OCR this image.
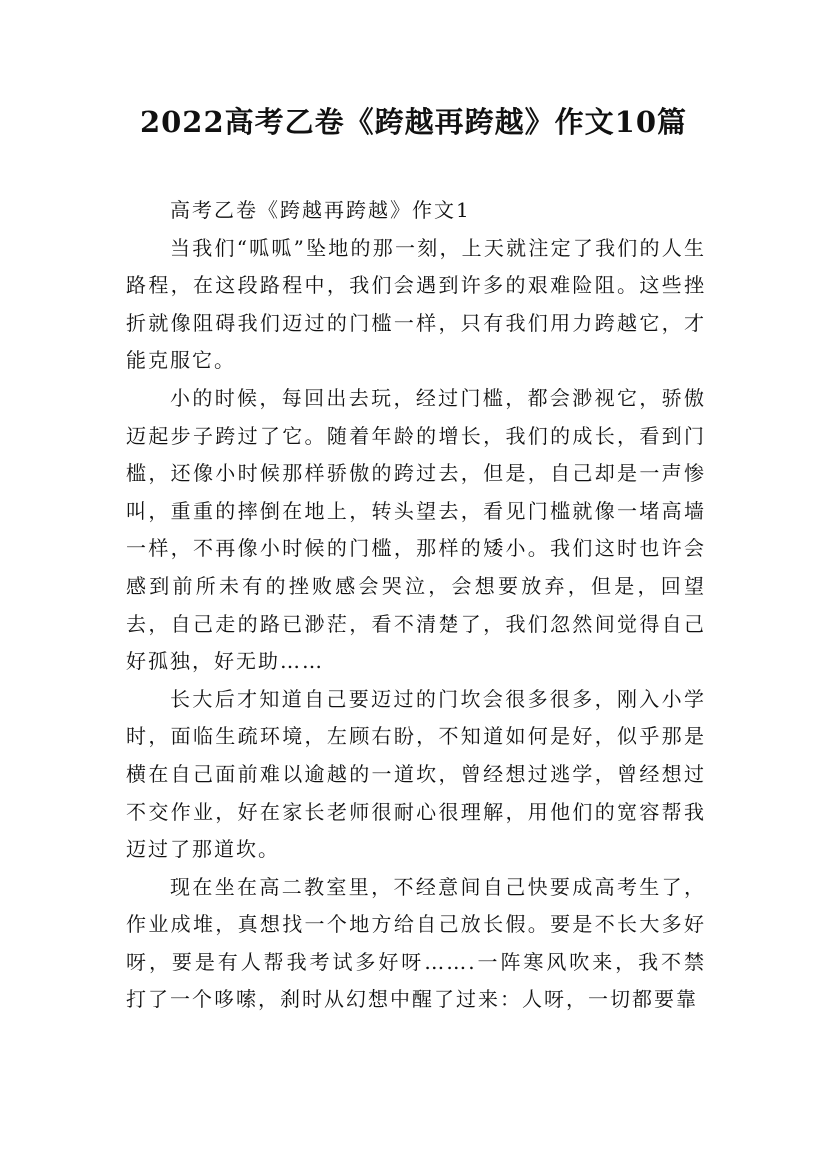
2022高考乙卷《跨越再跨越》作文10篇

高考乙卷《跨越再跨越》作文1

当我们“呱呱”坠地的那一刻，上天就注定了我们的人生路程，在这段路程中，我们会遇到许多的艰难险阻。这些挫折就像阻碍我们迈过的门槛一样，只有我们用力跨越它，才能克服它。

小的时候，每回出去玩，经过门槛，都会渺视它，骄傲迈起步子跨过了它。随着年龄的增长，我们的成长，看到门槛，还像小时候那样骄傲的跨过去，但是，自己却是一声惨叫，重重的摔倒在地上，转头望去，看见门槛就像一堵高墙一样，不再像小时候的门槛，那样的矮小。我们这时也许会感到前所未有的挫败感会哭泣，会想要放弃，但是，回望去，自己走的路已渺茫，看不清楚了，我们忽然间觉得自己好孤独，好无助……

长大后才知道自己要迈过的门坎会很多很多，刚入小学时，面临生疏环境，左顾右盼，不知道如何是好，似乎那是横在自己面前难以逾越的一道坎，曾经想过逃学，曾经想过不交作业，好在家长老师很耐心很理解，用他们的宽容帮我迈过了那道坎。

现在坐在高二教室里，不经意间自己快要成高考生了，作业成堆，真想找一个地方给自己放长假。要是不长大多好呀，要是有人帮我考试多好呀…….一阵寒风吹来，我不禁打了一个哆嗦，刹时从幻想中醒了过来：人呀，一切都要靠
